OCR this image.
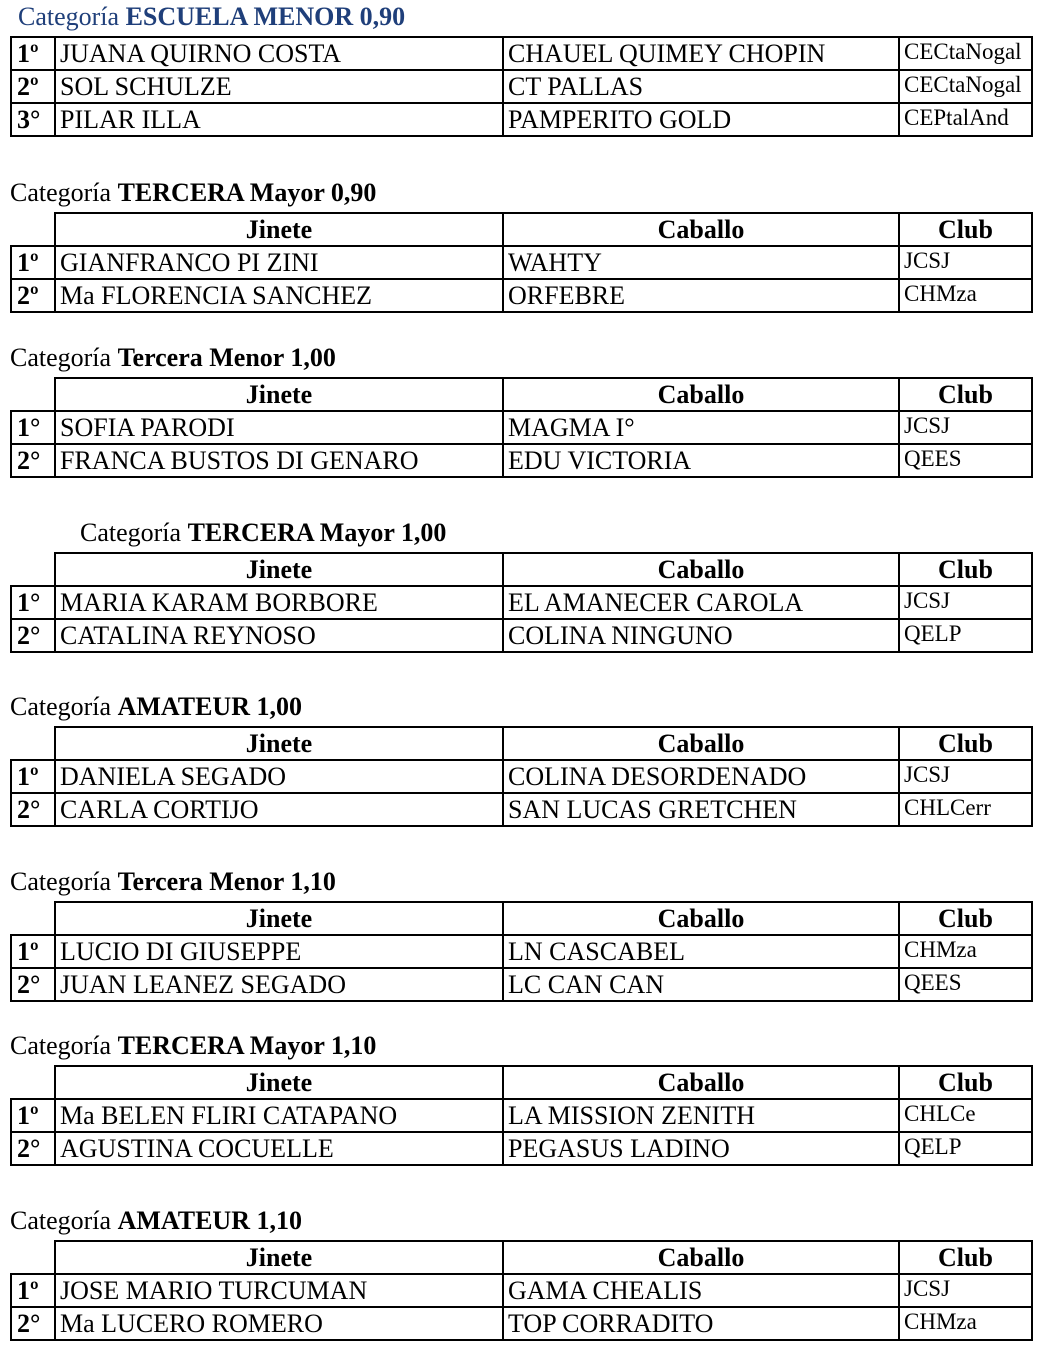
Categoría ESCUELA MENOR 0,90
1º	JUANA QUIRNO COSTA	CHAUEL QUIMEY CHOPIN	CECtaNogal
2º	SOL SCHULZE	CT PALLAS	CECtaNogal
3°	PILAR ILLA	PAMPERITO GOLD	CEPtalAnd
Categoría TERCERA Mayor 0,90
	Jinete	Caballo	Club
1º	GIANFRANCO PI ZINI	WAHTY	JCSJ
2º	Ma FLORENCIA SANCHEZ	ORFEBRE	CHMza
Categoría Tercera Menor 1,00
	Jinete	Caballo	Club
1°	SOFIA PARODI	MAGMA I°	JCSJ
2°	FRANCA BUSTOS DI GENARO	EDU VICTORIA	QEES
Categoría TERCERA Mayor 1,00
	Jinete	Caballo	Club
1°	MARIA KARAM BORBORE	EL AMANECER CAROLA	JCSJ
2°	CATALINA REYNOSO	COLINA NINGUNO	QELP
Categoría AMATEUR 1,00
	Jinete	Caballo	Club
1º	DANIELA SEGADO	COLINA DESORDENADO	JCSJ
2°	CARLA CORTIJO	SAN LUCAS GRETCHEN	CHLCerr
Categoría Tercera Menor 1,10
	Jinete	Caballo	Club
1º	LUCIO DI GIUSEPPE	LN CASCABEL	CHMza
2°	JUAN LEANEZ SEGADO	LC CAN CAN	QEES
Categoría TERCERA Mayor 1,10
	Jinete	Caballo	Club
1º	Ma BELEN FLIRI CATAPANO	LA MISSION ZENITH	CHLCe
2°	AGUSTINA COCUELLE	PEGASUS LADINO	QELP
Categoría AMATEUR 1,10
	Jinete	Caballo	Club
1º	JOSE MARIO TURCUMAN	GAMA CHEALIS	JCSJ
2°	Ma LUCERO ROMERO	TOP CORRADITO	CHMza
